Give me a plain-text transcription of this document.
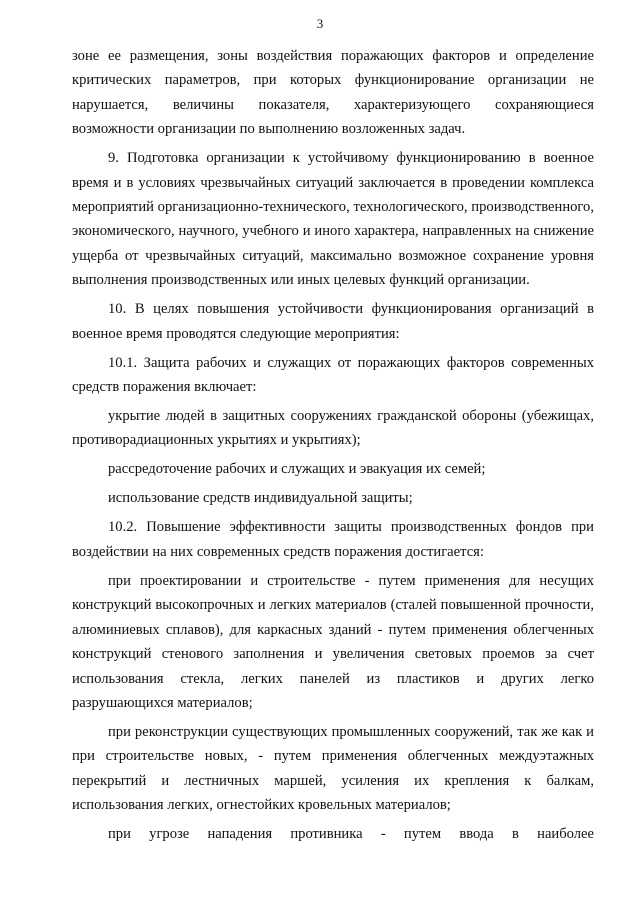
3

зоне ее размещения, зоны воздействия поражающих факторов и определение критических параметров, при которых функционирование организации не нарушается, величины показателя, характеризующего сохраняющиеся возможности организации по выполнению возложенных задач.

9. Подготовка организации к устойчивому функционированию в военное время и в условиях чрезвычайных ситуаций заключается в проведении комплекса мероприятий организационно-технического, технологического, производственного, экономического, научного, учебного и иного характера, направленных на снижение ущерба от чрезвычайных ситуаций, максимально возможное сохранение уровня выполнения производственных или иных целевых функций организации.

10. В целях повышения устойчивости функционирования организаций в военное время проводятся следующие мероприятия:

10.1. Защита рабочих и служащих от поражающих факторов современных средств поражения включает:

укрытие людей в защитных сооружениях гражданской обороны (убежищах, противорадиационных укрытиях и укрытиях);

рассредоточение рабочих и служащих и эвакуация их семей;

использование средств индивидуальной защиты;

10.2. Повышение эффективности защиты производственных фондов при воздействии на них современных средств поражения достигается:

при проектировании и строительстве - путем применения для несущих конструкций высокопрочных и легких материалов (сталей повышенной прочности, алюминиевых сплавов), для каркасных зданий - путем применения облегченных конструкций стенового заполнения и увеличения световых проемов за счет использования стекла, легких панелей из пластиков и других легко разрушающихся материалов;

при реконструкции существующих промышленных сооружений, так же как и при строительстве новых, - путем применения облегченных междуэтажных перекрытий и лестничных маршей, усиления их крепления к балкам, использования легких, огнестойких кровельных материалов;

при угрозе нападения противника - путем ввода в наиболее
